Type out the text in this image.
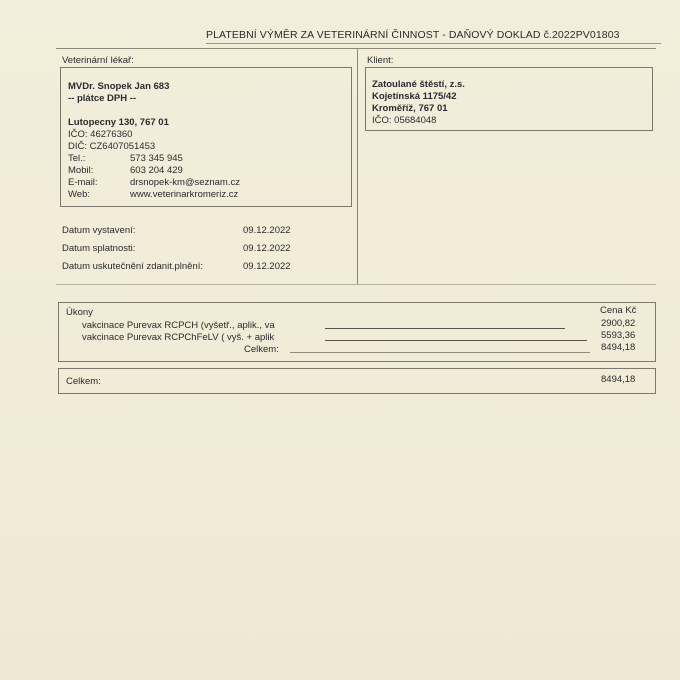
PLATEBNÍ VÝMĚR ZA VETERINÁRNÍ ČINNOST - DAŇOVÝ DOKLAD č.2022PV01803
Veterinární lékař:
MVDr. Snopek Jan 683
-- plátce DPH --
Lutopecny 130, 767 01
IČO: 46276360
DIČ: CZ6407051453
Tel.:	573 345 945
Mobil:	603 204 429
E-mail:	drsnopek-km@seznam.cz
Web:	www.veterinarkromeriz.cz
Klient:
Zatoulané štěstí, z.s.
Kojetínská 1175/42
Kroměříž, 767 01
IČO: 05684048
Datum vystavení:	09.12.2022
Datum splatnosti:	09.12.2022
Datum uskutečnění zdanit.plnění:	09.12.2022
Úkony	Cena Kč
vakcinace Purevax RCPCH (vyšetř., aplik., va	2900,82
vakcinace Purevax RCPChFeLV ( vyš. + aplik	5593,36
Celkem:	8494,18
Celkem:	8494,18
